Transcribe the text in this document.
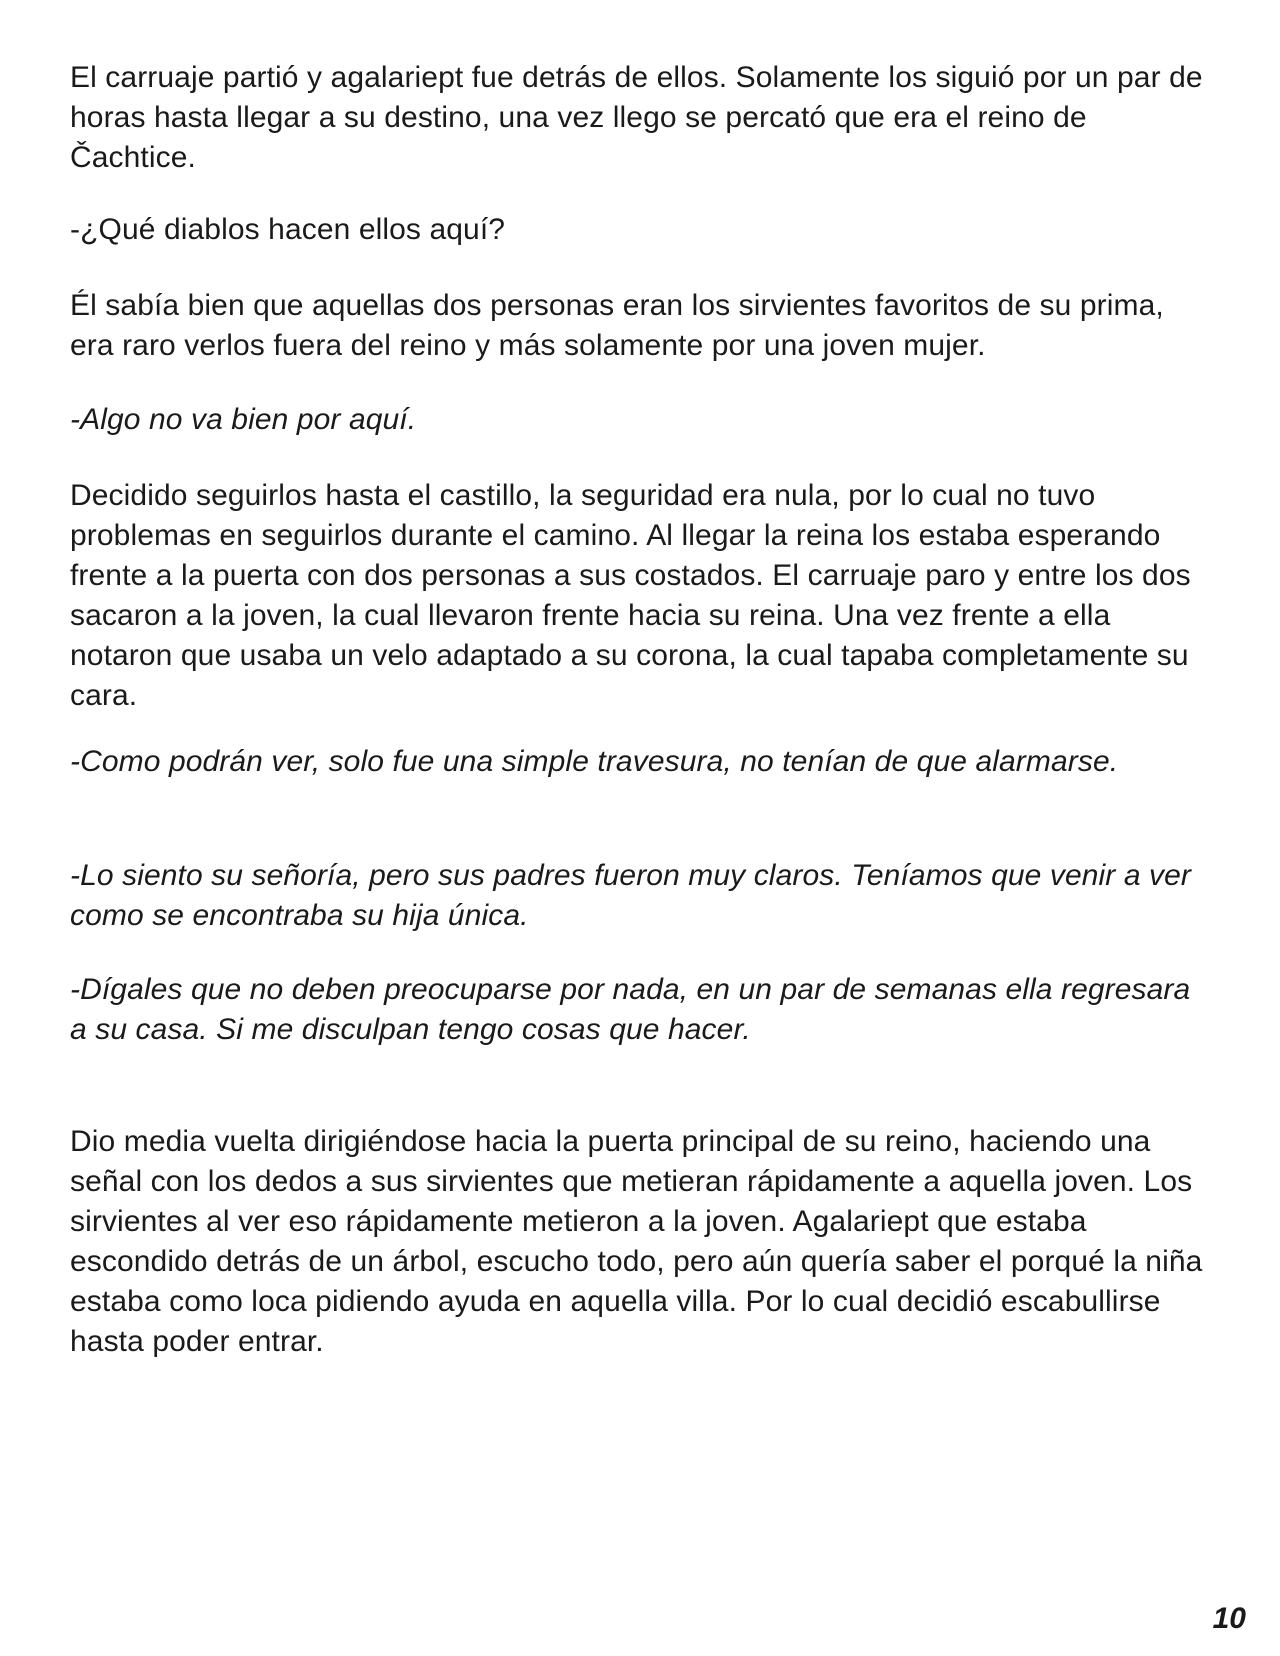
El carruaje partió y agalariept fue detrás de ellos. Solamente los siguió por un par de horas hasta llegar a su destino, una vez llego se percató que era el reino de Čachtice.

-¿Qué diablos hacen ellos aquí?

Él sabía bien que aquellas dos personas eran los sirvientes favoritos de su prima, era raro verlos fuera del reino y más solamente por una joven mujer.

-Algo no va bien por aquí.

Decidido seguirlos hasta el castillo, la seguridad era nula, por lo cual no tuvo problemas en seguirlos durante el camino. Al llegar la reina los estaba esperando frente a la puerta con dos personas a sus costados. El carruaje paro y entre los dos sacaron a la joven, la cual llevaron frente hacia su reina. Una vez frente a ella notaron que usaba un velo adaptado a su corona, la cual tapaba completamente su cara.

-Como podrán ver, solo fue una simple travesura, no tenían de que alarmarse.

-Lo siento su señoría, pero sus padres fueron muy claros. Teníamos que venir a ver como se encontraba su hija única.

-Dígales que no deben preocuparse por nada, en un par de semanas ella regresara a su casa. Si me disculpan tengo cosas que hacer.

Dio media vuelta dirigiéndose hacia la puerta principal de su reino, haciendo una señal con los dedos a sus sirvientes que metieran rápidamente a aquella joven. Los sirvientes al ver eso rápidamente metieron a la joven. Agalariept que estaba escondido detrás de un árbol, escucho todo, pero aún quería saber el porqué la niña estaba como loca pidiendo ayuda en aquella villa. Por lo cual decidió escabullirse hasta poder entrar.

10
